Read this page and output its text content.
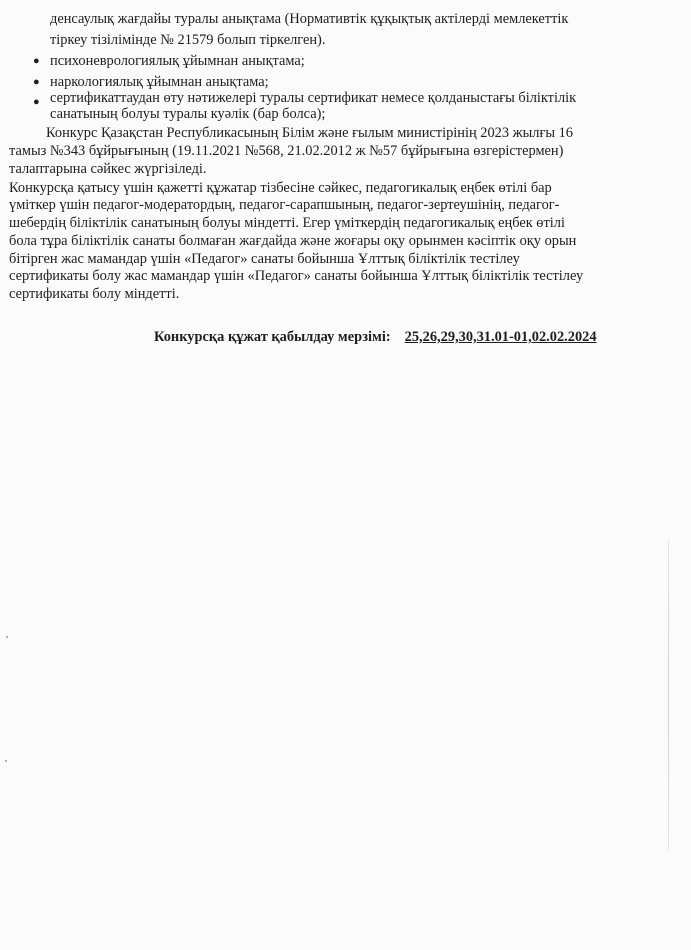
денсаулық жағдайы туралы анықтама (Нормативтік құқықтық актілерді мемлекеттік
тіркеу тізілімінде № 21579 болып тіркелген).
● психоневрологиялық ұйымнан анықтама;
● наркологиялық ұйымнан анықтама;
● сертификаттаудан өту нәтижелері туралы сертификат немесе қолданыстағы біліктілік
санатының болуы туралы куәлік (бар болса);
Конкурс Қазақстан Республикасының Білім және ғылым министірінің 2023 жылғы 16
тамыз №343 бұйрығының (19.11.2021 №568, 21.02.2012 ж №57 бұйрығына өзгерістермен)
талаптарына сәйкес жүргізіледі.
Конкурсқа қатысу үшін қажетті құжатар тізбесіне сәйкес, педагогикалық еңбек өтілі бар
үміткер үшін педагог-модератордың, педагог-сарапшының, педагог-зертеушінің, педагог-
шебердің біліктілік санатының болуы міндетті. Егер үміткердің педагогикалық еңбек өтілі
бола тұра біліктілік санаты болмаған жағдайда және жоғары оқу орынмен кәсіптік оқу орын
бітірген жас мамандар үшін «Педагог» санаты бойынша Ұлттық біліктілік тестілеу
сертификаты болу жас мамандар үшін «Педагог» санаты бойынша Ұлттық біліктілік тестілеу
сертификаты болу міндетті.
Конкурсқа құжат қабылдау мерзімі: 25,26,29,30,31.01-01,02.02.2024
